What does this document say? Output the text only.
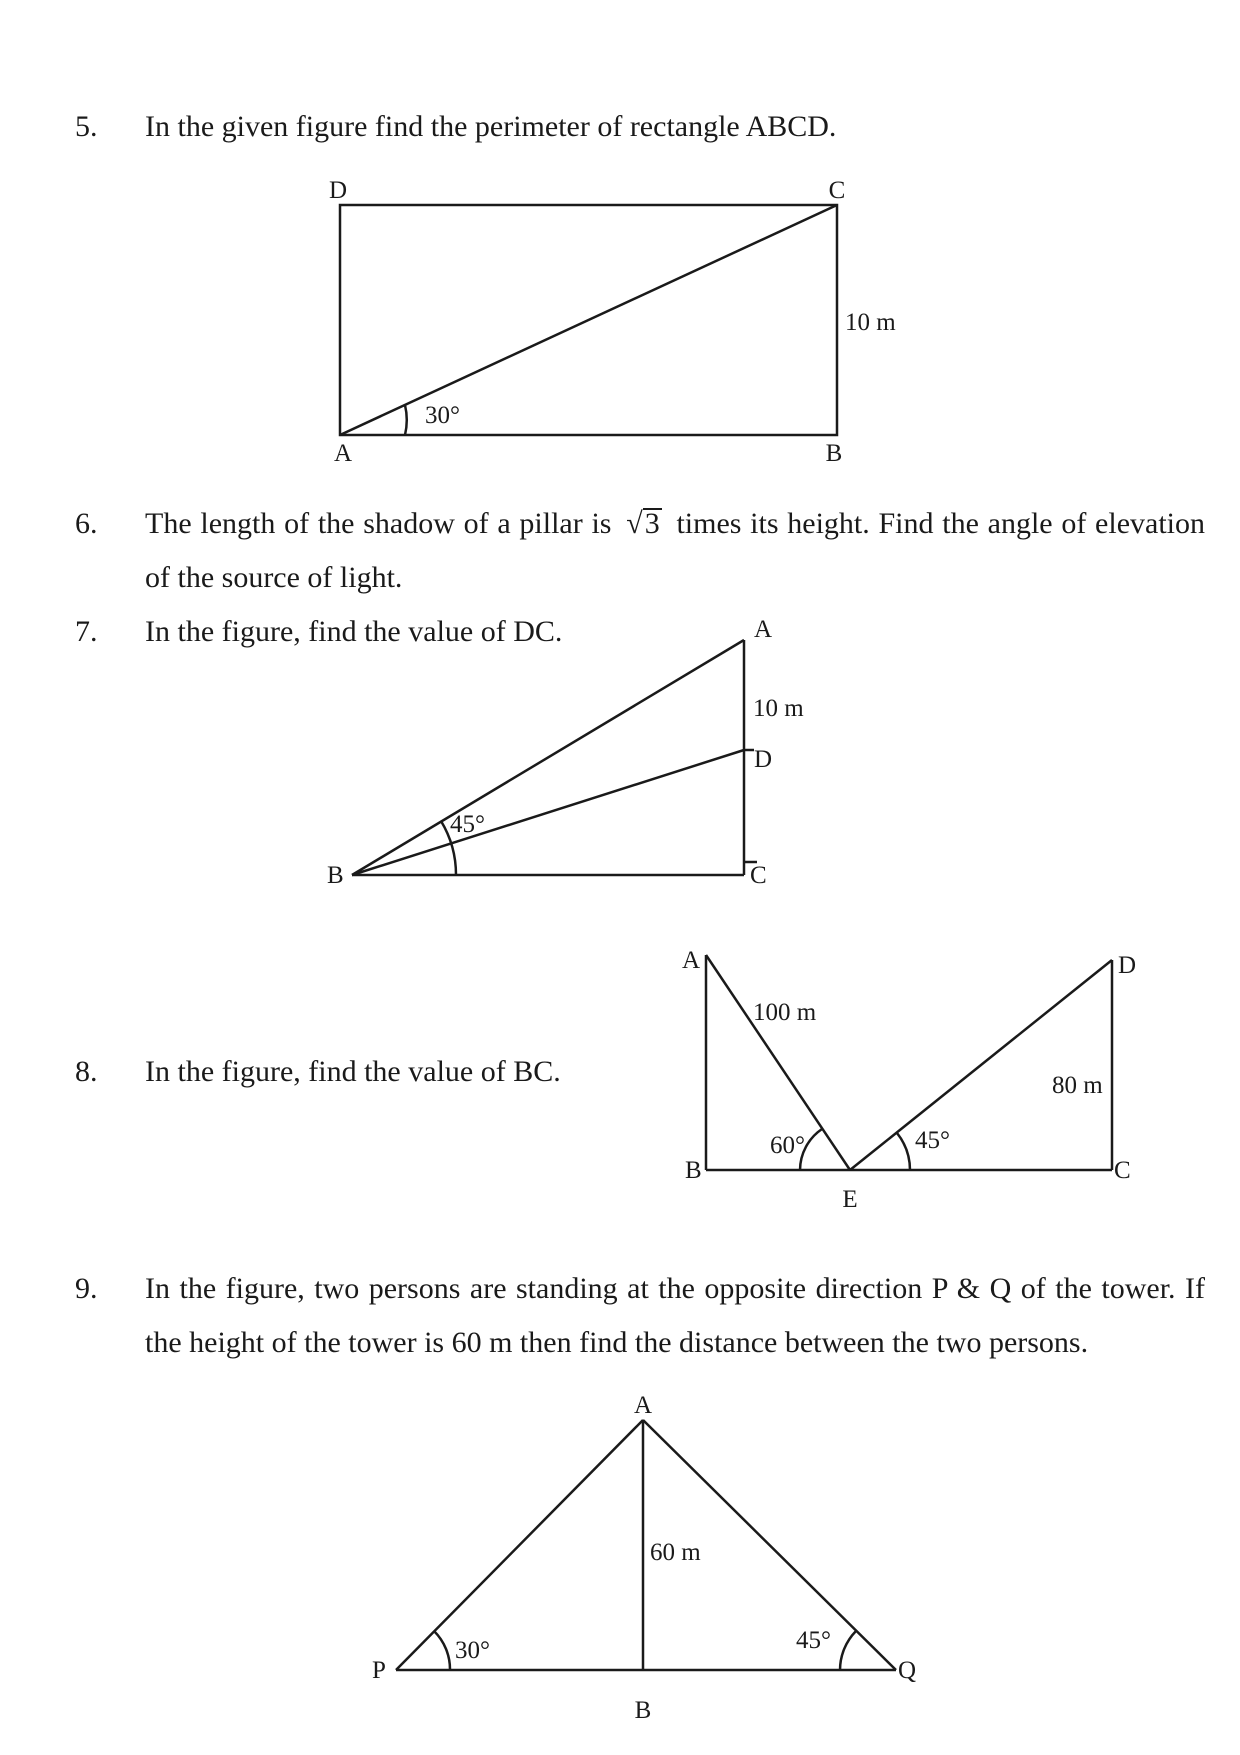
5. In the given figure find the perimeter of rectangle ABCD.
6. The length of the shadow of a pillar is √3 times its height. Find the angle of elevation of the source of light.
7. In the figure, find the value of DC.
8. In the figure, find the value of BC.
9. In the figure, two persons are standing at the opposite direction P & Q of the tower. If the height of the tower is 60 m then find the distance between the two persons.
D	C
A	B
10 m
30°
A
D
B	C
10 m
45°
A
B
E
D
C
100 m
80 m
60°	45°
A
P
B
Q
60 m
30°	45°
